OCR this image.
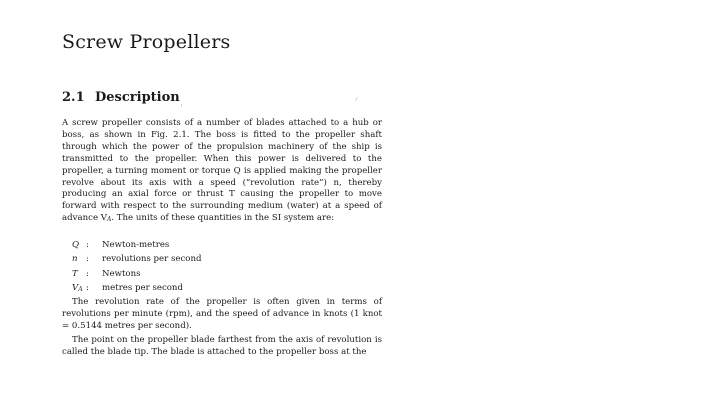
Screw Propellers
2.1 Description

A screw propeller consists of a number of blades attached to a hub or boss, as shown in Fig. 2.1. The boss is fitted to the propeller shaft through which the power of the propulsion machinery of the ship is transmitted to the propeller. When this power is delivered to the propeller, a turning moment or torque Q is applied making the propeller revolve about its axis with a speed (“revolution rate”) n, thereby producing an axial force or thrust T causing the propeller to move forward with respect to the surrounding medium (water) at a speed of advance VA. The units of these quantities in the SI system are:

Q :	Newton-metres
n :	revolutions per second
T :	Newtons
VA :	metres per second

The revolution rate of the propeller is often given in terms of revolutions per minute (rpm), and the speed of advance in knots (1 knot = 0.5144 metres per second).

The point on the propeller blade farthest from the axis of revolution is called the blade tip. The blade is attached to the propeller boss at the
